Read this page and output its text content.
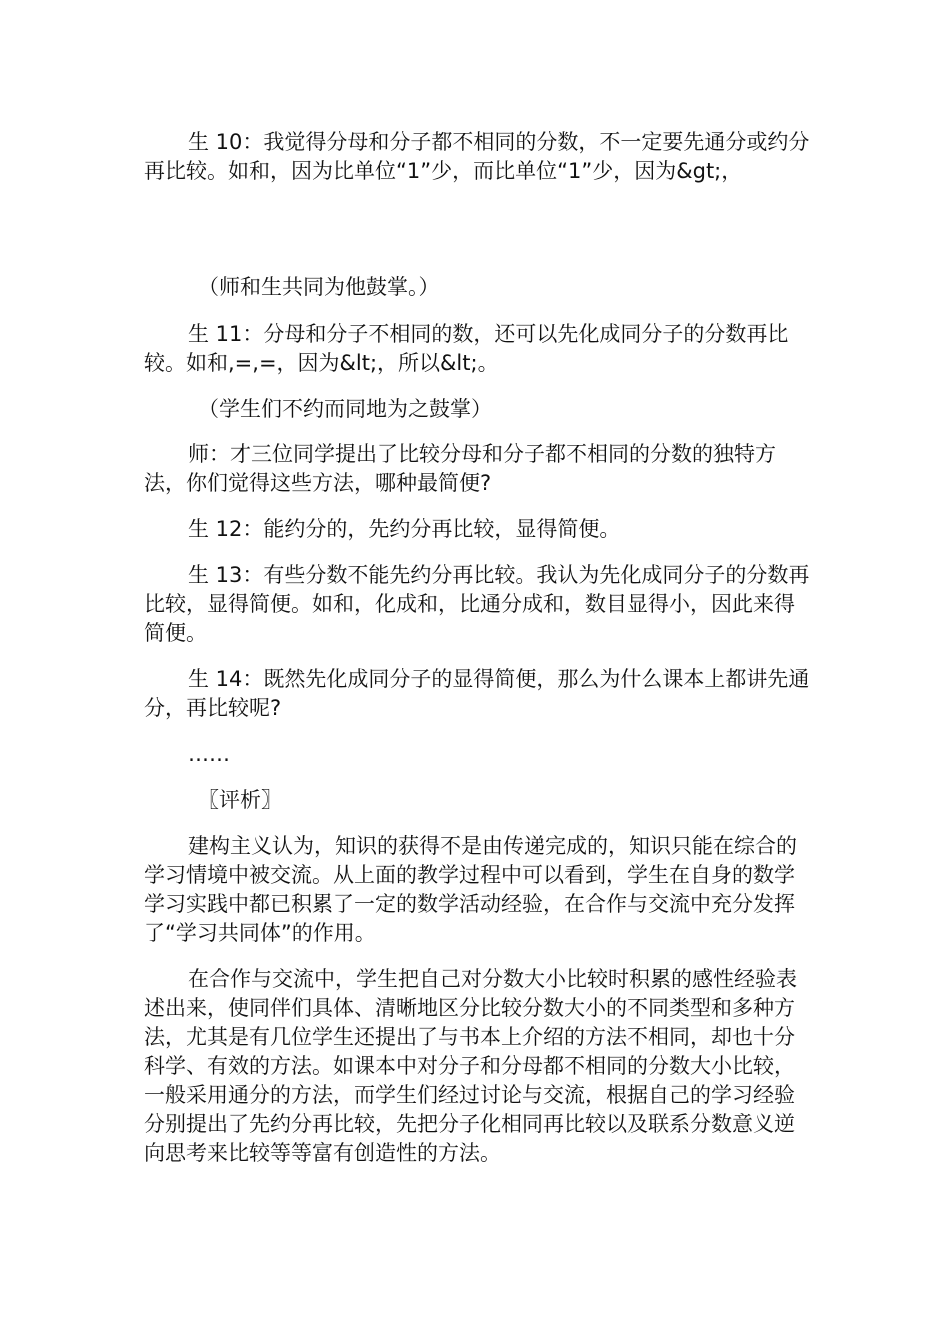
生 10：我觉得分母和分子都不相同的分数，不一定要先通分或约分再比较。如和，因为比单位“1”少，而比单位“1”少，因为&gt;，

（师和生共同为他鼓掌。）

生 11：分母和分子不相同的数，还可以先化成同分子的分数再比较。如和,=,=，因为&lt;，所以&lt;。

（学生们不约而同地为之鼓掌）

师：才三位同学提出了比较分母和分子都不相同的分数的独特方法，你们觉得这些方法，哪种最简便?

生 12：能约分的，先约分再比较，显得简便。

生 13：有些分数不能先约分再比较。我认为先化成同分子的分数再比较，显得简便。如和，化成和，比通分成和，数目显得小，因此来得简便。

生 14：既然先化成同分子的显得简便，那么为什么课本上都讲先通分，再比较呢?

……

〖评析〗

建构主义认为，知识的获得不是由传递完成的，知识只能在综合的学习情境中被交流。从上面的教学过程中可以看到，学生在自身的数学学习实践中都已积累了一定的数学活动经验，在合作与交流中充分发挥了“学习共同体”的作用。

在合作与交流中，学生把自己对分数大小比较时积累的感性经验表述出来，使同伴们具体、清晰地区分比较分数大小的不同类型和多种方法，尤其是有几位学生还提出了与书本上介绍的方法不相同，却也十分科学、有效的方法。如课本中对分子和分母都不相同的分数大小比较，一般采用通分的方法，而学生们经过讨论与交流，根据自己的学习经验分别提出了先约分再比较，先把分子化相同再比较以及联系分数意义逆向思考来比较等等富有创造性的方法。
